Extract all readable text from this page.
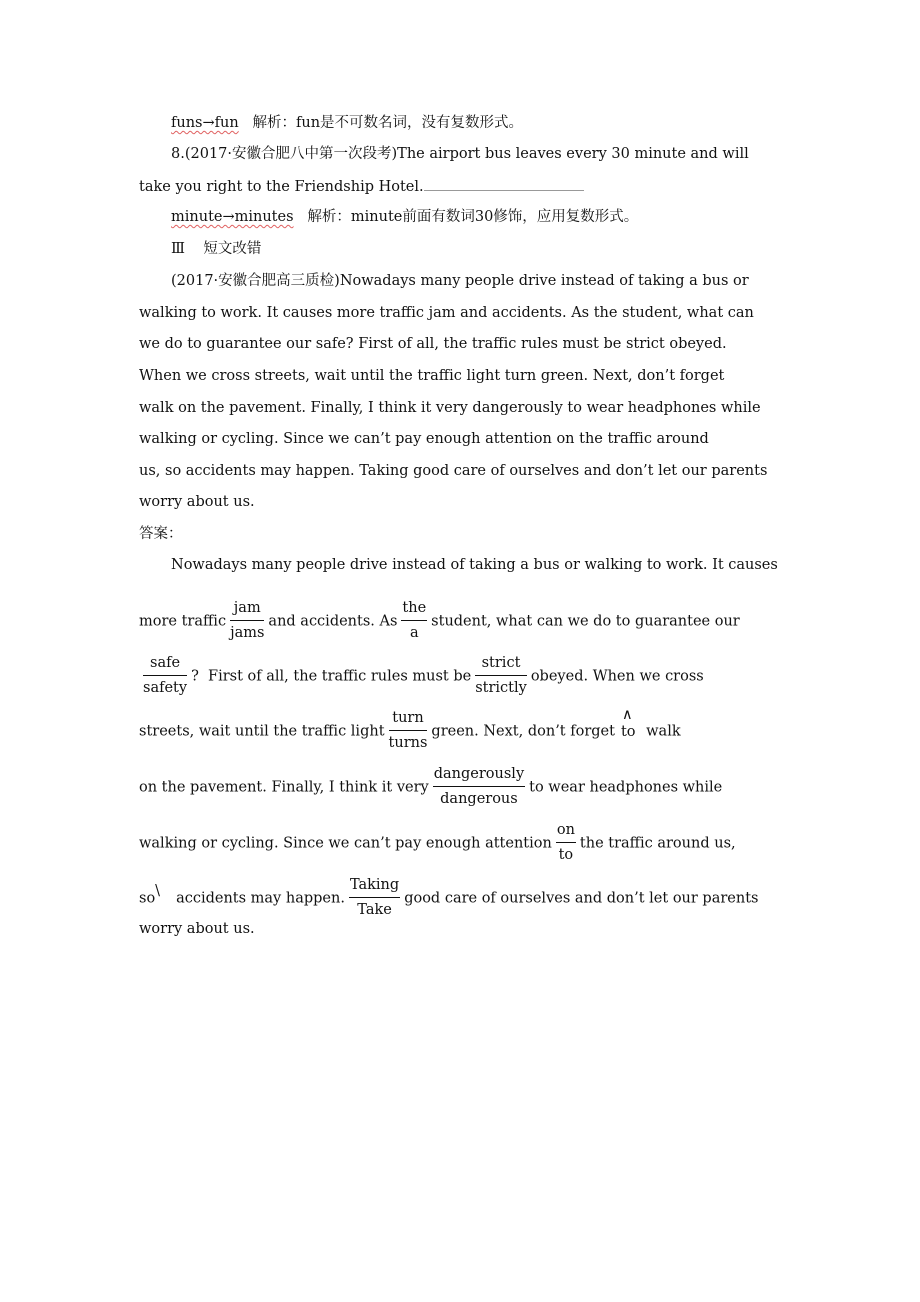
funs→fun   解析：fun是不可数名词，没有复数形式。
8.(2017·安徽合肥八中第一次段考)The airport bus leaves every 30 minute and will
take you right to the Friendship Hotel.
minute→minutes   解析：minute前面有数词30修饰，应用复数形式。
Ⅲ    短文改错
(2017·安徽合肥高三质检)Nowadays many people drive instead of taking a bus or
walking to work. It causes more traffic jam and accidents. As the student, what can
we do to guarantee our safe? First of all, the traffic rules must be strict obeyed.
When we cross streets, wait until the traffic light turn green. Next, don’t forget
walk on the pavement. Finally, I think it very dangerously to wear headphones while
walking or cycling. Since we can’t pay enough attention on the traffic around
us, so accidents may happen. Taking good care of ourselves and don’t let our parents
worry about us.
答案：
Nowadays many people drive instead of taking a bus or walking to work. It causes
more traffic $\frac{\text{jam}}{\text{jams}}$ and accidents. As $\frac{\text{the}}{a}$ student, what can we do to guarantee our
$\frac{\text{safe}}{\text{safety}}$ ?  First of all, the traffic rules must be $\frac{\text{strict}}{\text{strictly}}$ obeyed. When we cross
streets, wait until the traffic light $\frac{\text{turn}}{\text{turns}}$ green. Next, don’t forget
∧
to walk
on the pavement. Finally, I think it very $\frac{\text{dangerously}}{\text{dangerous}}$ to wear headphones while
walking or cycling. Since we can’t pay enough attention $\frac{on}{to}$ the traffic around us,
so\ accidents may happen. $\frac{\text{Taking}}{\text{Take}}$ good care of ourselves and don’t let our parents
worry about us.
